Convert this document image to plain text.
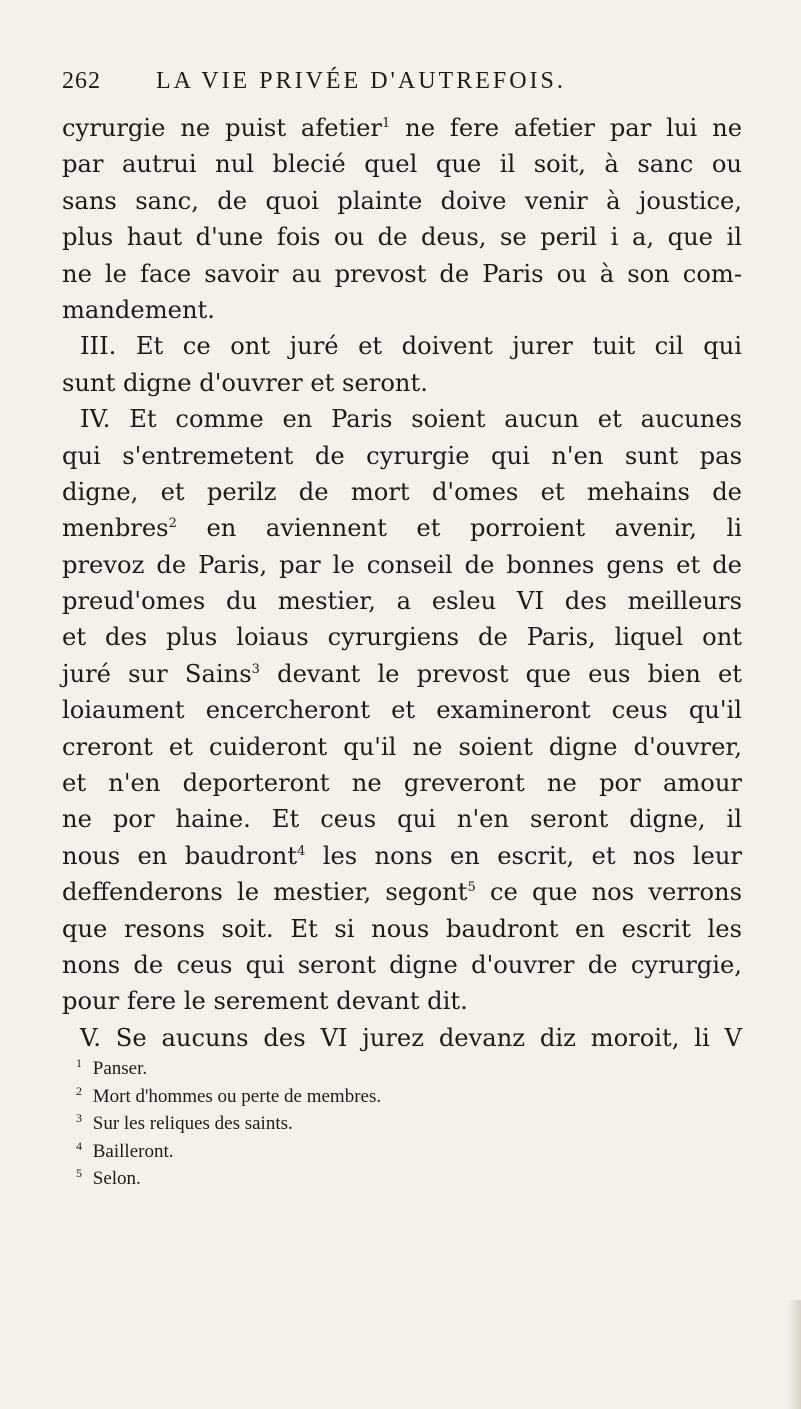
262 LA VIE PRIVÉE D'AUTREFOIS.
cyrurgie ne puist afetier$^1$ ne fere afetier par lui ne
par autrui nul blecié quel que il soit, à sanc ou
sans sanc, de quoi plainte doive venir à joustice,
plus haut d'une fois ou de deus, se peril i a, que il
ne le face savoir au prevost de Paris ou à son com-
mandement.
III. Et ce ont juré et doivent jurer tuit cil qui
sunt digne d'ouvrer et seront.
IV. Et comme en Paris soient aucun et aucunes
qui s'entremetent de cyrurgie qui n'en sunt pas
digne, et perilz de mort d'omes et mehains de
menbres$^2$ en aviennent et porroient avenir, li
prevoz de Paris, par le conseil de bonnes gens et de
preud'omes du mestier, a esleu VI des meilleurs
et des plus loiaus cyrurgiens de Paris, liquel ont
juré sur Sains$^3$ devant le prevost que eus bien et
loiaument encercheront et examineront ceus qu'il
creront et cuideront qu'il ne soient digne d'ouvrer,
et n'en deporteront ne greveront ne por amour
ne por haine. Et ceus qui n'en seront digne, il
nous en baudront$^4$ les nons en escrit, et nos leur
deffenderons le mestier, segont$^5$ ce que nos verrons
que resons soit. Et si nous baudront en escrit les
nons de ceus qui seront digne d'ouvrer de cyrurgie,
pour fere le serement devant dit.
V. Se aucuns des VI jurez devanz diz moroit, li V
$^1$ Panser.
$^2$ Mort d'hommes ou perte de membres.
$^3$ Sur les reliques des saints.
$^4$ Bailleront.
$^5$ Selon.
